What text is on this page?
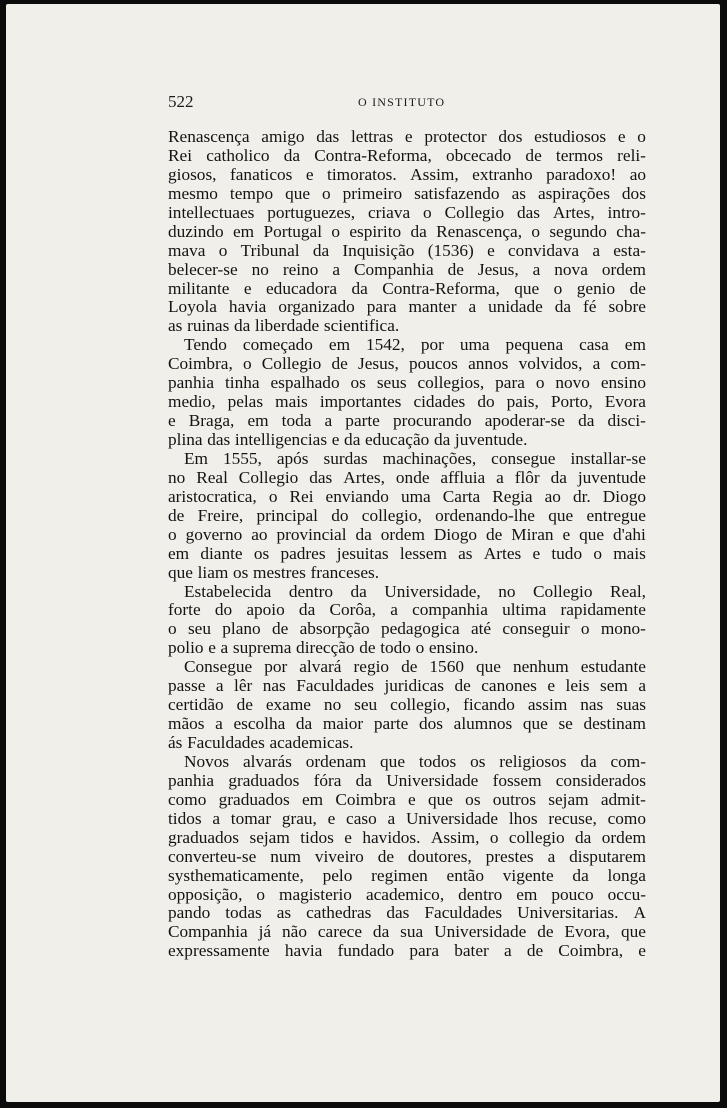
522	O INSTITUTO
Renascença amigo das lettras e protector dos estudiosos e o
Rei catholico da Contra-Reforma, obcecado de termos reli-
giosos, fanaticos e timoratos. Assim, extranho paradoxo! ao
mesmo tempo que o primeiro satisfazendo as aspirações dos
intellectuaes portuguezes, criava o Collegio das Artes, intro-
duzindo em Portugal o espirito da Renascença, o segundo cha-
mava o Tribunal da Inquisição (1536) e convidava a esta-
belecer-se no reino a Companhia de Jesus, a nova ordem
militante e educadora da Contra-Reforma, que o genio de
Loyola havia organizado para manter a unidade da fé sobre
as ruinas da liberdade scientifica.
Tendo começado em 1542, por uma pequena casa em
Coimbra, o Collegio de Jesus, poucos annos volvidos, a com-
panhia tinha espalhado os seus collegios, para o novo ensino
medio, pelas mais importantes cidades do pais, Porto, Evora
e Braga, em toda a parte procurando apoderar-se da disci-
plina das intelligencias e da educação da juventude.
Em 1555, após surdas machinações, consegue installar-se
no Real Collegio das Artes, onde affluia a flôr da juventude
aristocratica, o Rei enviando uma Carta Regia ao dr. Diogo
de Freire, principal do collegio, ordenando-lhe que entregue
o governo ao provincial da ordem Diogo de Miran e que d'ahi
em diante os padres jesuitas lessem as Artes e tudo o mais
que liam os mestres franceses.
Estabelecida dentro da Universidade, no Collegio Real,
forte do apoio da Corôa, a companhia ultima rapidamente
o seu plano de absorpção pedagogica até conseguir o mono-
polio e a suprema direcção de todo o ensino.
Consegue por alvará regio de 1560 que nenhum estudante
passe a lêr nas Faculdades juridicas de canones e leis sem a
certidão de exame no seu collegio, ficando assim nas suas
mãos a escolha da maior parte dos alumnos que se destinam
ás Faculdades academicas.
Novos alvarás ordenam que todos os religiosos da com-
panhia graduados fóra da Universidade fossem considerados
como graduados em Coimbra e que os outros sejam admit-
tidos a tomar grau, e caso a Universidade lhos recuse, como
graduados sejam tidos e havidos. Assim, o collegio da ordem
converteu-se num viveiro de doutores, prestes a disputarem
systhematicamente, pelo regimen então vigente da longa
opposição, o magisterio academico, dentro em pouco occu-
pando todas as cathedras das Faculdades Universitarias. A
Companhia já não carece da sua Universidade de Evora, que
expressamente havia fundado para bater a de Coimbra, e
